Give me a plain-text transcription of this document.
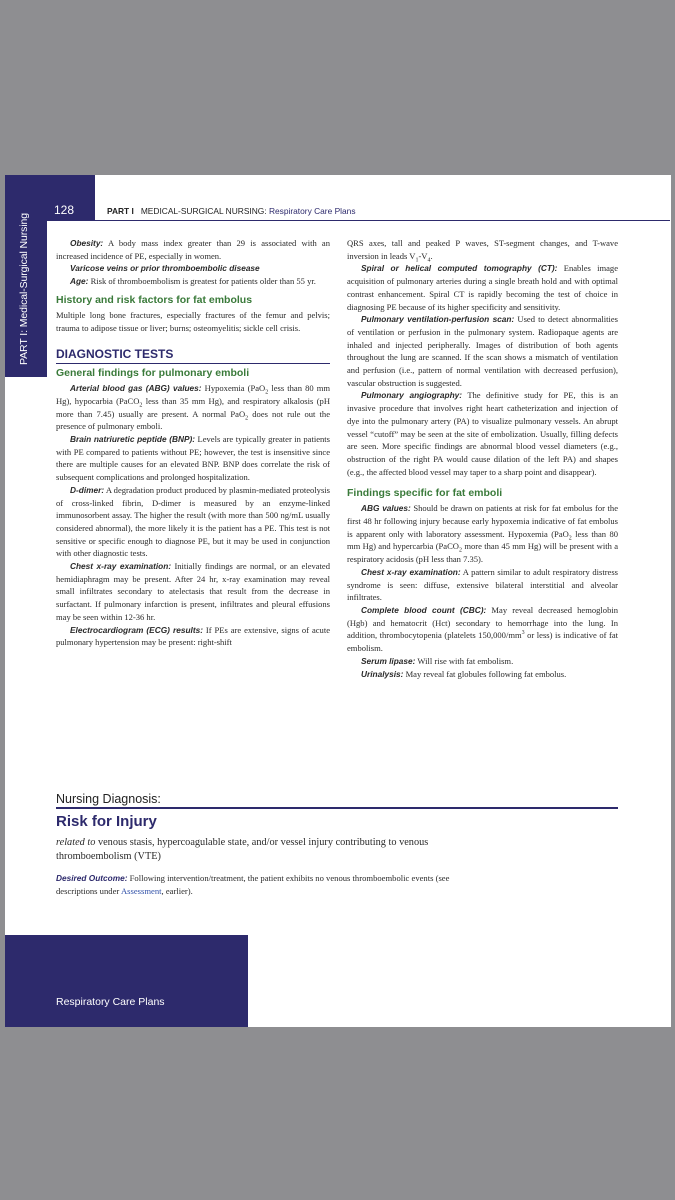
PART I: Medical-Surgical Nursing
128	PART I MEDICAL-SURGICAL NURSING: Respiratory Care Plans

Obesity: A body mass index greater than 29 is associated with an increased incidence of PE, especially in women.

Varicose veins or prior thromboembolic disease

Age: Risk of thromboembolism is greatest for patients older than 55 yr.

History and risk factors for fat embolus

Multiple long bone fractures, especially fractures of the femur and pelvis; trauma to adipose tissue or liver; burns; osteomyelitis; sickle cell crisis.

DIAGNOSTIC TESTS
General findings for pulmonary emboli

Arterial blood gas (ABG) values: Hypoxemia (PaO$_2$ less than 80 mm Hg), hypocarbia (PaCO$_2$ less than 35 mm Hg), and respiratory alkalosis (pH more than 7.45) usually are present. A normal PaO$_2$ does not rule out the presence of pulmonary emboli.

Brain natriuretic peptide (BNP): Levels are typically greater in patients with PE compared to patients without PE; however, the test is insensitive since there are multiple causes for an elevated BNP. BNP does correlate the risk of subsequent complications and prolonged hospitalization.

D-dimer: A degradation product produced by plasmin-mediated proteolysis of cross-linked fibrin, D-dimer is measured by an enzyme-linked immunosorbent assay. The higher the result (with more than 500 ng/mL usually considered abnormal), the more likely it is the patient has a PE. This test is not sensitive or specific enough to diagnose PE, but it may be used in conjunction with other diagnostic tests.

Chest x-ray examination: Initially findings are normal, or an elevated hemidiaphragm may be present. After 24 hr, x-ray examination may reveal small infiltrates secondary to atelectasis that result from the decrease in surfactant. If pulmonary infarction is present, infiltrates and pleural effusions may be seen within 12-36 hr.

Electrocardiogram (ECG) results: If PEs are extensive, signs of acute pulmonary hypertension may be present: right-shift

QRS axes, tall and peaked P waves, ST-segment changes, and T-wave inversion in leads $V_1-V_4$.

Spiral or helical computed tomography (CT): Enables image acquisition of pulmonary arteries during a single breath hold and with optimal contrast enhancement. Spiral CT is rapidly becoming the test of choice in diagnosing PE because of its higher specificity and sensitivity.

Pulmonary ventilation-perfusion scan: Used to detect abnormalities of ventilation or perfusion in the pulmonary system. Radiopaque agents are inhaled and injected peripherally. Images of distribution of both agents throughout the lung are scanned. If the scan shows a mismatch of ventilation and perfusion (i.e., pattern of normal ventilation with decreased perfusion), vascular obstruction is suggested.

Pulmonary angiography: The definitive study for PE, this is an invasive procedure that involves right heart catheterization and injection of dye into the pulmonary artery (PA) to visualize pulmonary vessels. An abrupt vessel “cutoff” may be seen at the site of embolization. Usually, filling defects are seen. More specific findings are abnormal blood vessel diameters (e.g., obstruction of the right PA would cause dilation of the left PA) and shapes (e.g., the affected blood vessel may taper to a sharp point and disappear).

Findings specific for fat emboli

ABG values: Should be drawn on patients at risk for fat embolus for the first 48 hr following injury because early hypoxemia indicative of fat embolus is apparent only with laboratory assessment. Hypoxemia (PaO$_2$ less than 80 mm Hg) and hypercarbia (PaCO$_2$ more than 45 mm Hg) will be present with a respiratory acidosis (pH less than 7.35).

Chest x-ray examination: A pattern similar to adult respiratory distress syndrome is seen: diffuse, extensive bilateral interstitial and alveolar infiltrates.

Complete blood count (CBC): May reveal decreased hemoglobin (Hgb) and hematocrit (Hct) secondary to hemorrhage into the lung. In addition, thrombocytopenia (platelets $150,000/mm^3$ or less) is indicative of fat embolism.

Serum lipase: Will rise with fat embolism.

Urinalysis: May reveal fat globules following fat embolus.

Nursing Diagnosis:
Risk for Injury
related to venous stasis, hypercoagulable state, and/or vessel injury contributing to venous thromboembolism (VTE)
Desired Outcome: Following intervention/treatment, the patient exhibits no venous thromboembolic events (see descriptions under Assessment, earlier).
Respiratory Care Plans
